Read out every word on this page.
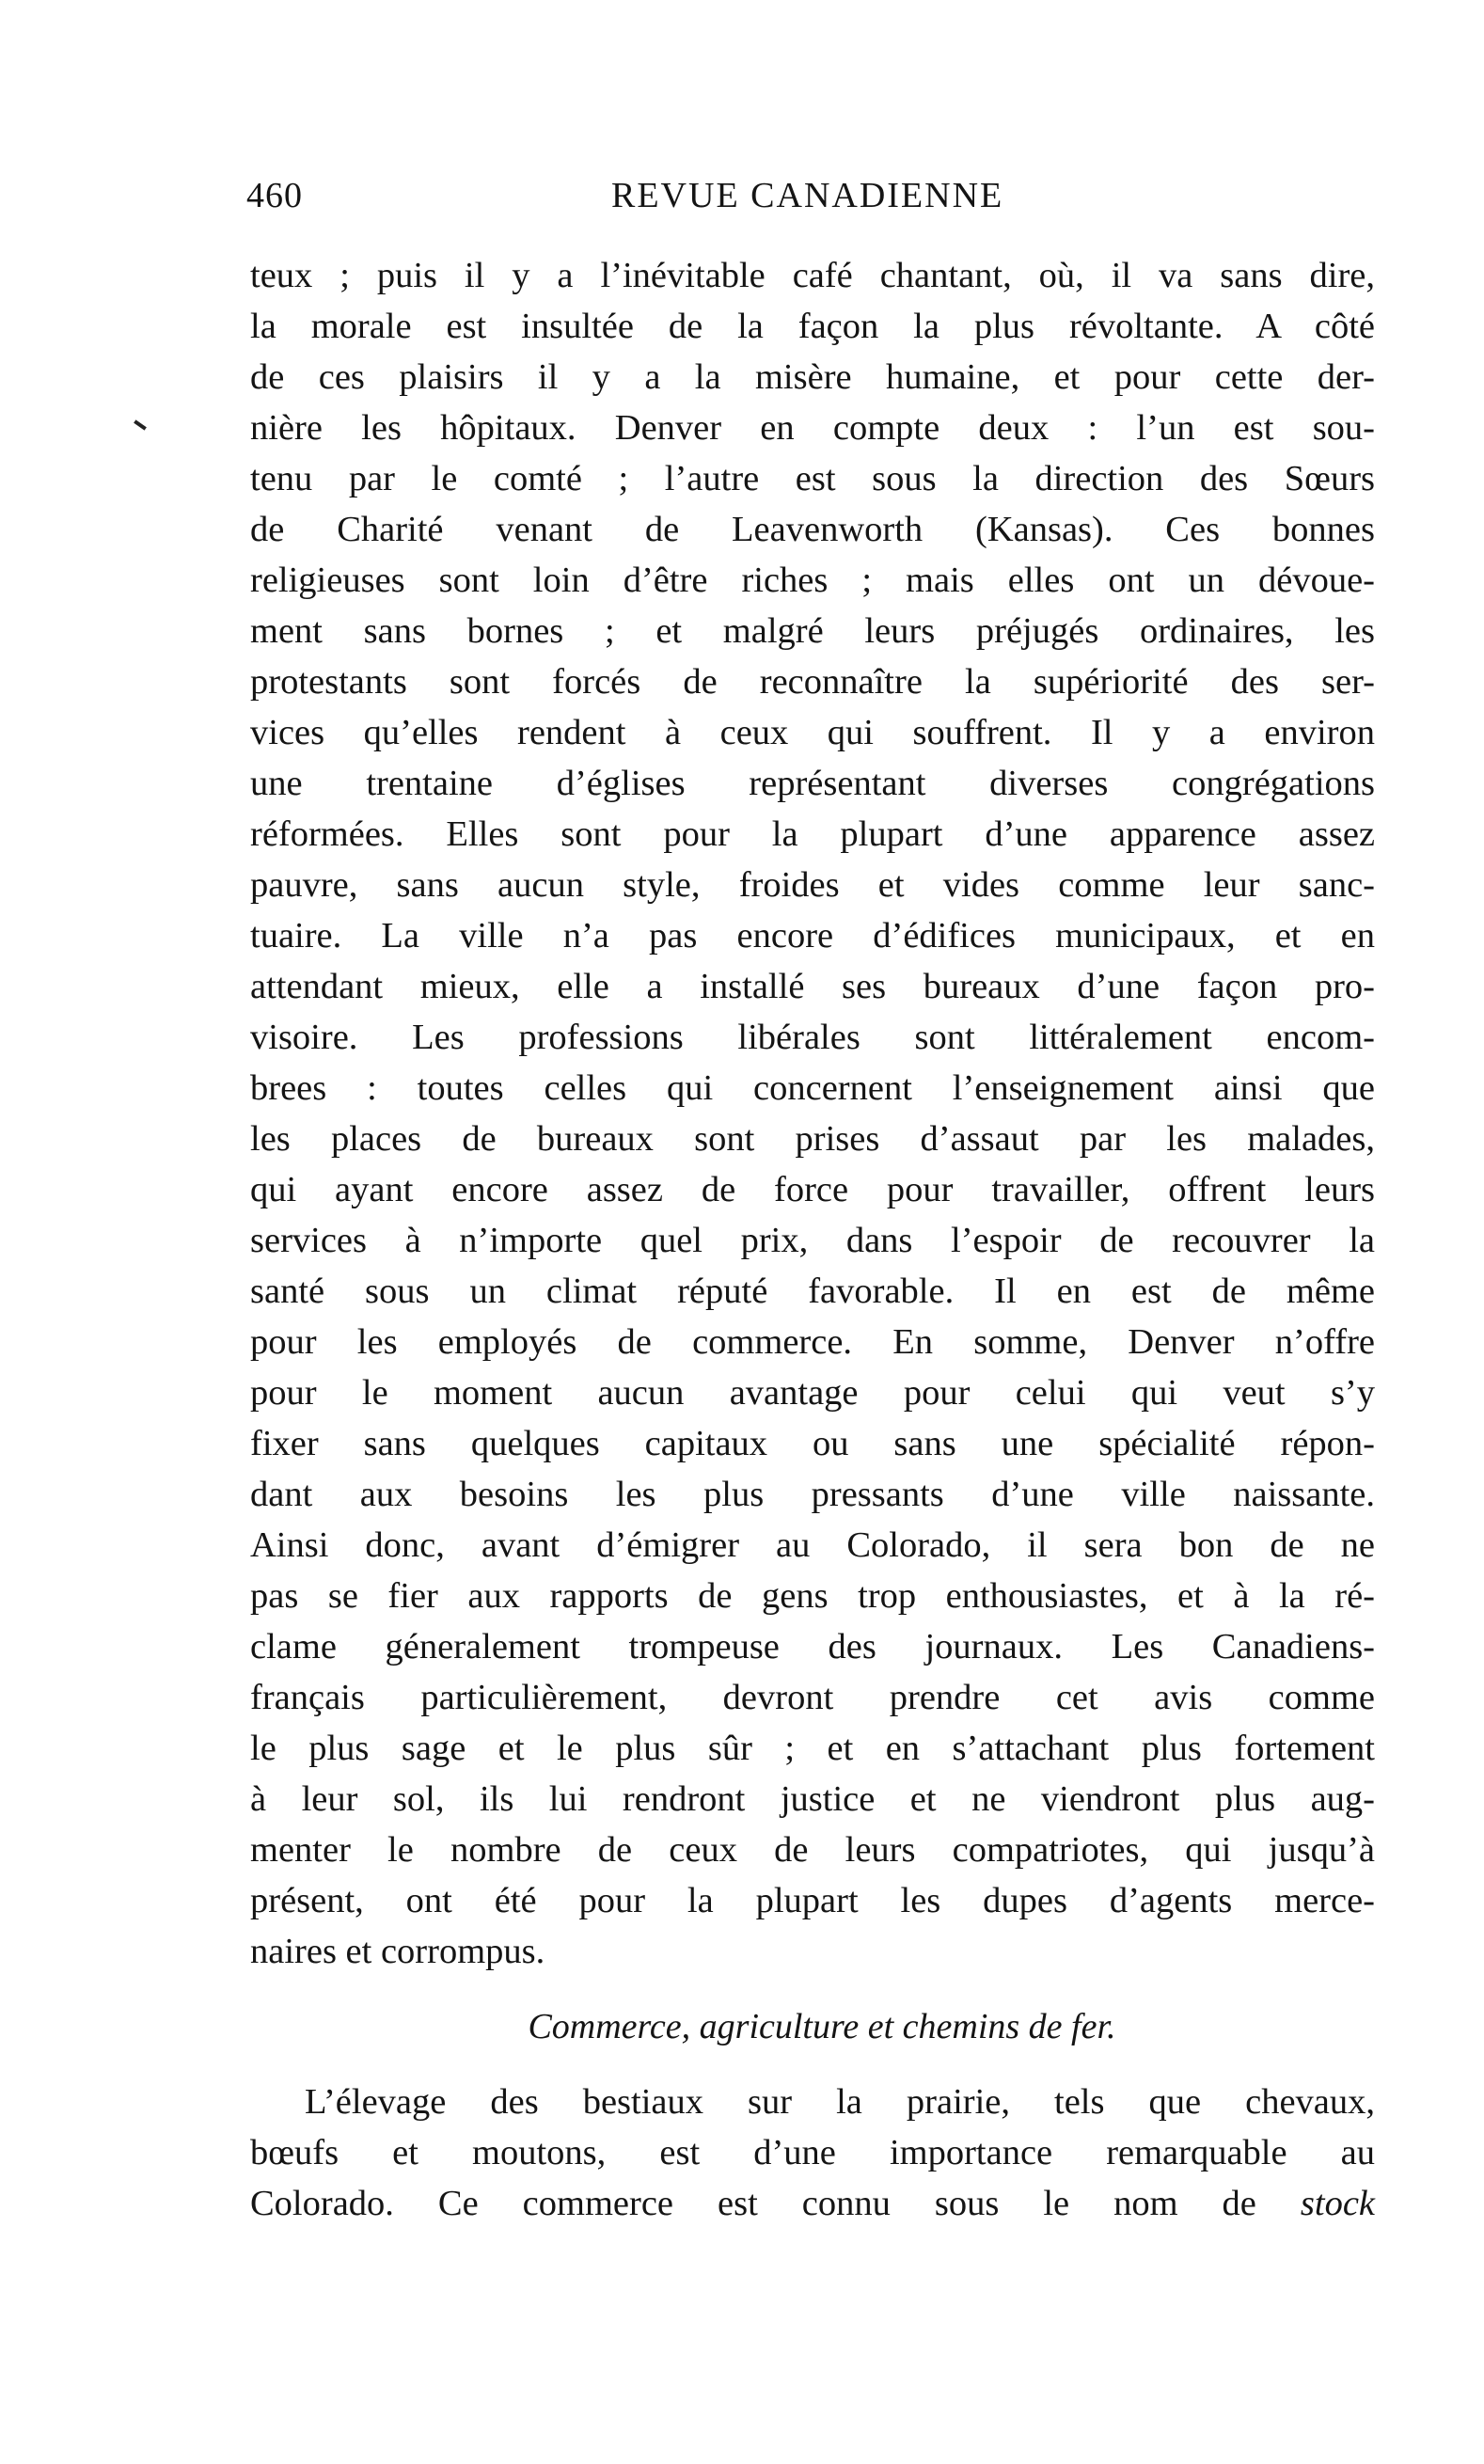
460	REVUE CANADIENNE
teux ; puis il y a l’inévitable café chantant, où, il va sans dire,
la morale est insultée de la façon la plus révoltante. A côté
de ces plaisirs il y a la misère humaine, et pour cette der-
nière les hôpitaux. Denver en compte deux : l’un est sou-
tenu par le comté ; l’autre est sous la direction des Sœurs
de Charité venant de Leavenworth (Kansas). Ces bonnes
religieuses sont loin d’être riches ; mais elles ont un dévoue-
ment sans bornes ; et malgré leurs préjugés ordinaires, les
protestants sont forcés de reconnaître la supériorité des ser-
vices qu’elles rendent à ceux qui souffrent. Il y a environ
une trentaine d’églises représentant diverses congrégations
réformées. Elles sont pour la plupart d’une apparence assez
pauvre, sans aucun style, froides et vides comme leur sanc-
tuaire. La ville n’a pas encore d’édifices municipaux, et en
attendant mieux, elle a installé ses bureaux d’une façon pro-
visoire. Les professions libérales sont littéralement encom-
brees : toutes celles qui concernent l’enseignement ainsi que
les places de bureaux sont prises d’assaut par les malades,
qui ayant encore assez de force pour travailler, offrent leurs
services à n’importe quel prix, dans l’espoir de recouvrer la
santé sous un climat réputé favorable. Il en est de même
pour les employés de commerce. En somme, Denver n’offre
pour le moment aucun avantage pour celui qui veut s’y
fixer sans quelques capitaux ou sans une spécialité répon-
dant aux besoins les plus pressants d’une ville naissante.
Ainsi donc, avant d’émigrer au Colorado, il sera bon de ne
pas se fier aux rapports de gens trop enthousiastes, et à la ré-
clame géneralement trompeuse des journaux. Les Canadiens-
français particulièrement, devront prendre cet avis comme
le plus sage et le plus sûr ; et en s’attachant plus fortement
à leur sol, ils lui rendront justice et ne viendront plus aug-
menter le nombre de ceux de leurs compatriotes, qui jusqu’à
présent, ont été pour la plupart les dupes d’agents merce-
naires et corrompus.
Commerce, agriculture et chemins de fer.
L’élevage des bestiaux sur la prairie, tels que chevaux,
bœufs et moutons, est d’une importance remarquable au
Colorado. Ce commerce est connu sous le nom de stock
